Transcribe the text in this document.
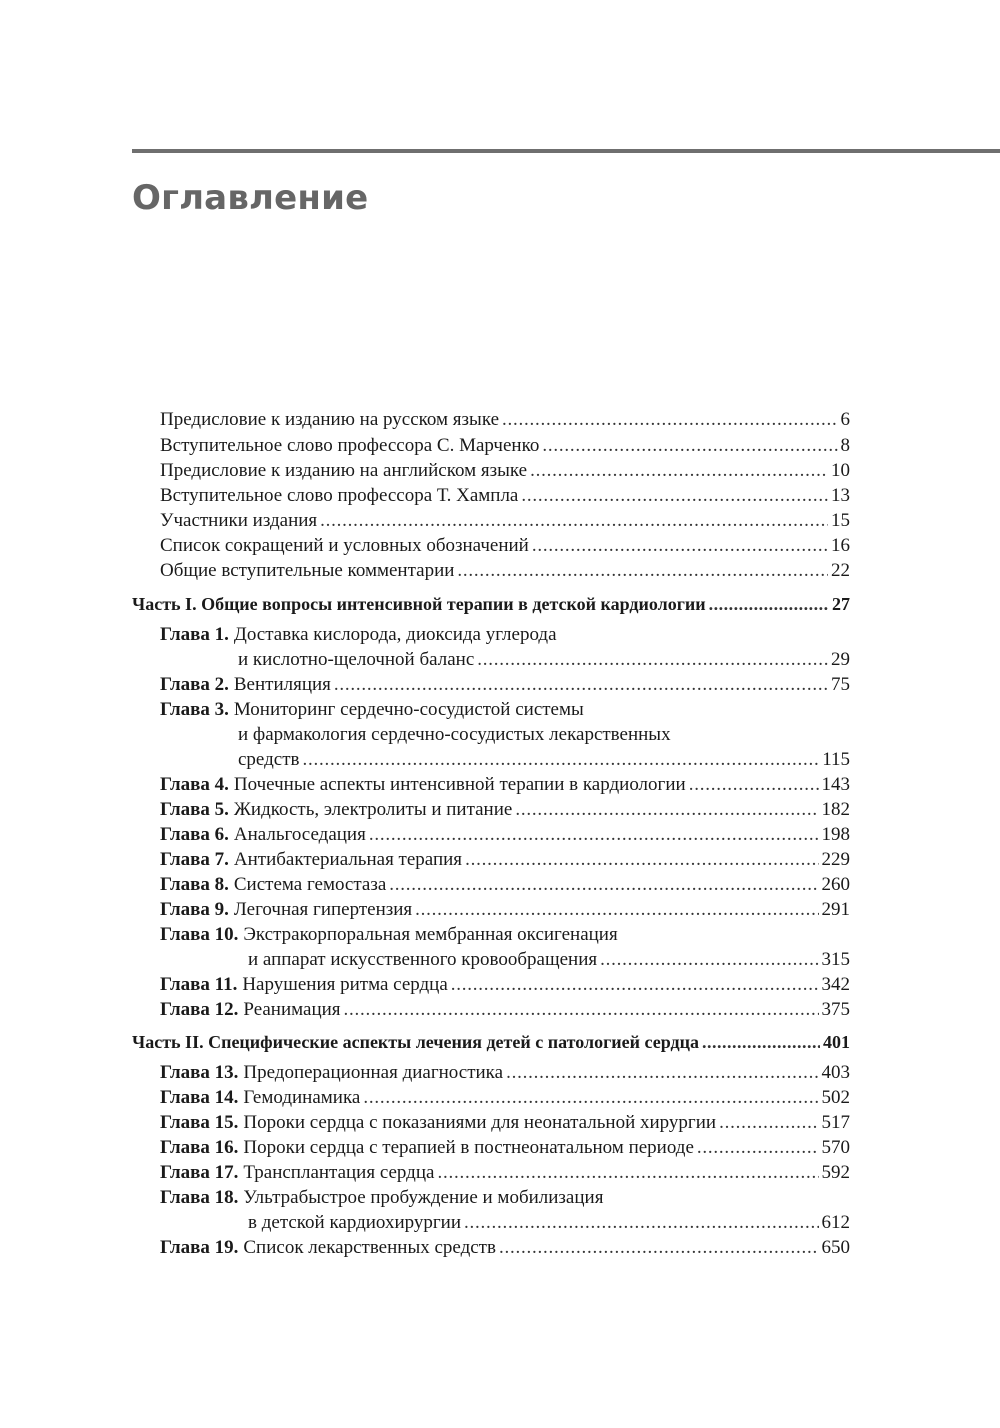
Оглавление
Предисловие к изданию на русском языке . . .	6
Вступительное слово профессора С. Марченко . . .	8
Предисловие к изданию на английском языке . . .	10
Вступительное слово профессора Т. Хампла . . .	13
Участники издания . . .	15
Список сокращений и условных обозначений . . .	16
Общие вступительные комментарии . . .	22
Часть I. Общие вопросы интенсивной терапии в детской кардиологии . . .	27
Глава 1. Доставка кислорода, диоксида углерода
и кислотно-щелочной баланс . . .	29
Глава 2. Вентиляция . . .	75
Глава 3. Мониторинг сердечно-сосудистой системы
и фармакология сердечно-сосудистых лекарственных
средств . . .	115
Глава 4. Почечные аспекты интенсивной терапии в кардиологии . . .	143
Глава 5. Жидкость, электролиты и питание . . .	182
Глава 6. Анальгоседация . . .	198
Глава 7. Антибактериальная терапия . . .	229
Глава 8. Система гемостаза . . .	260
Глава 9. Легочная гипертензия . . .	291
Глава 10. Экстракорпоральная мембранная оксигенация
и аппарат искусственного кровообращения . . .	315
Глава 11. Нарушения ритма сердца . . .	342
Глава 12. Реанимация . . .	375
Часть II. Специфические аспекты лечения детей с патологией сердца . . .	401
Глава 13. Предоперационная диагностика . . .	403
Глава 14. Гемодинамика . . .	502
Глава 15. Пороки сердца с показаниями для неонатальной хирургии . . .	517
Глава 16. Пороки сердца с терапией в постнеонатальном периоде . . .	570
Глава 17. Трансплантация сердца . . .	592
Глава 18. Ультрабыстрое пробуждение и мобилизация
в детской кардиохирургии . . .	612
Глава 19. Список лекарственных средств . . .	650
